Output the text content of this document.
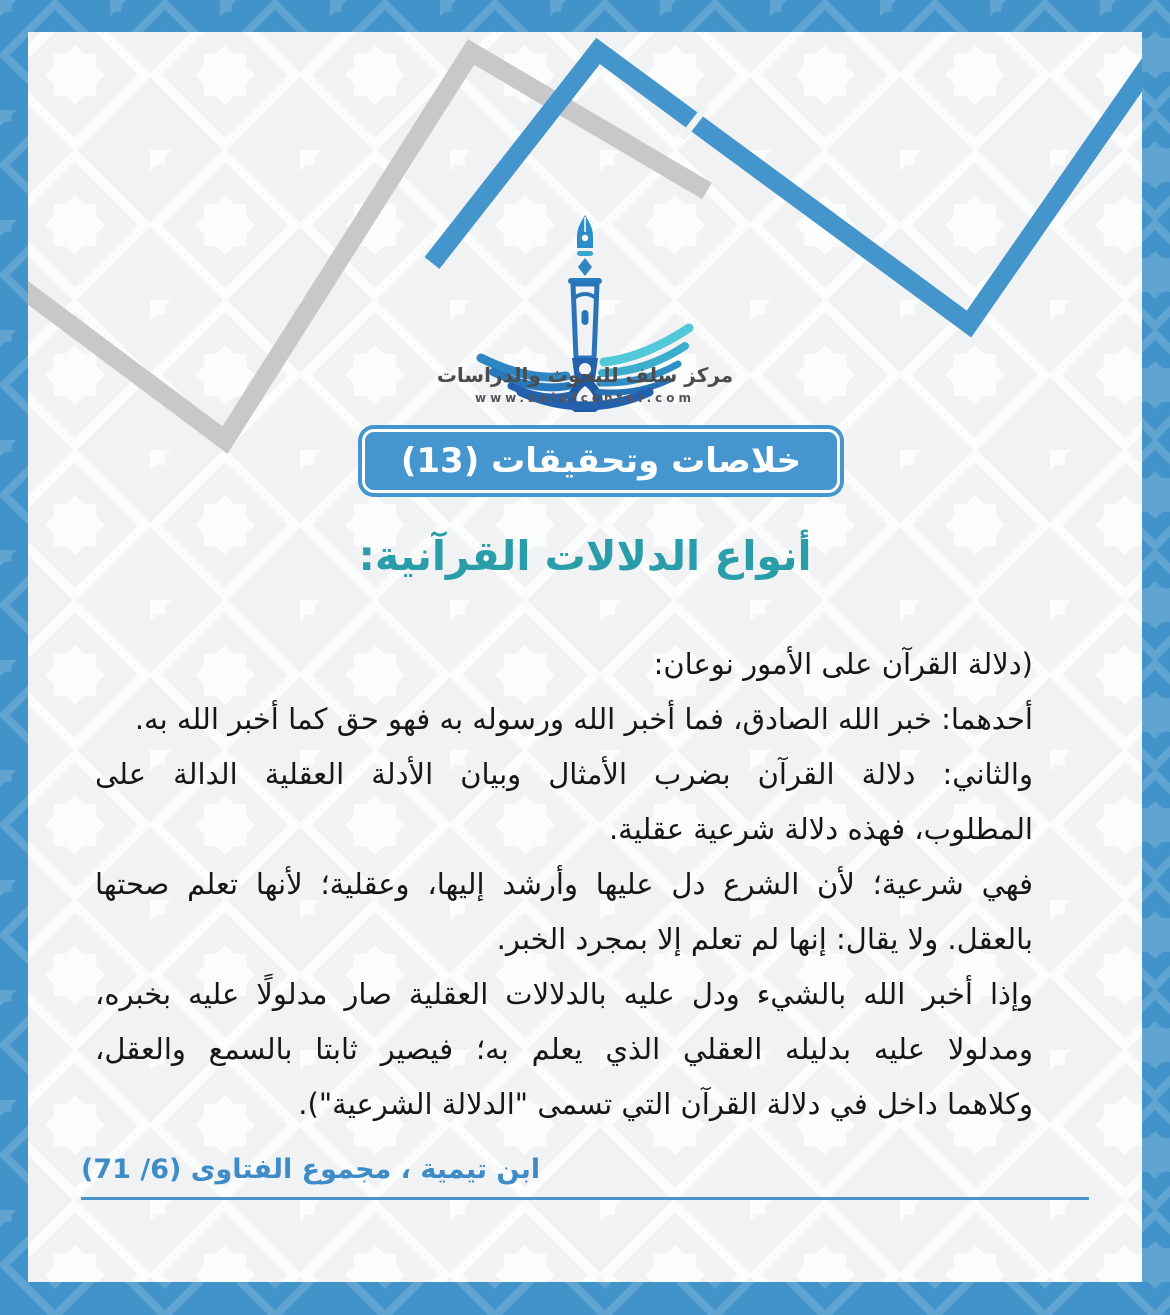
مركز سلف للبحوث والدراسات
www.salafcenter.com
خلاصات وتحقيقات (13)
أنواع الدلالات القرآنية:
(دلالة القرآن على الأمور نوعان:
أحدهما: خبر الله الصادق، فما أخبر الله ورسوله به فهو حق كما أخبر الله به.
والثاني: دلالة القرآن بضرب الأمثال وبيان الأدلة العقلية الدالة على
المطلوب، فهذه دلالة شرعية عقلية.
فهي شرعية؛ لأن الشرع دل عليها وأرشد إليها، وعقلية؛ لأنها تعلم صحتها
بالعقل. ولا يقال: إنها لم تعلم إلا بمجرد الخبر.
وإذا أخبر الله بالشيء ودل عليه بالدلالات العقلية صار مدلولًا عليه بخبره،
ومدلولا عليه بدليله العقلي الذي يعلم به؛ فيصير ثابتا بالسمع والعقل،
وكلاهما داخل في دلالة القرآن التي تسمى "الدلالة الشرعية").
ابن تيمية ، مجموع الفتاوى (6/ 71)
